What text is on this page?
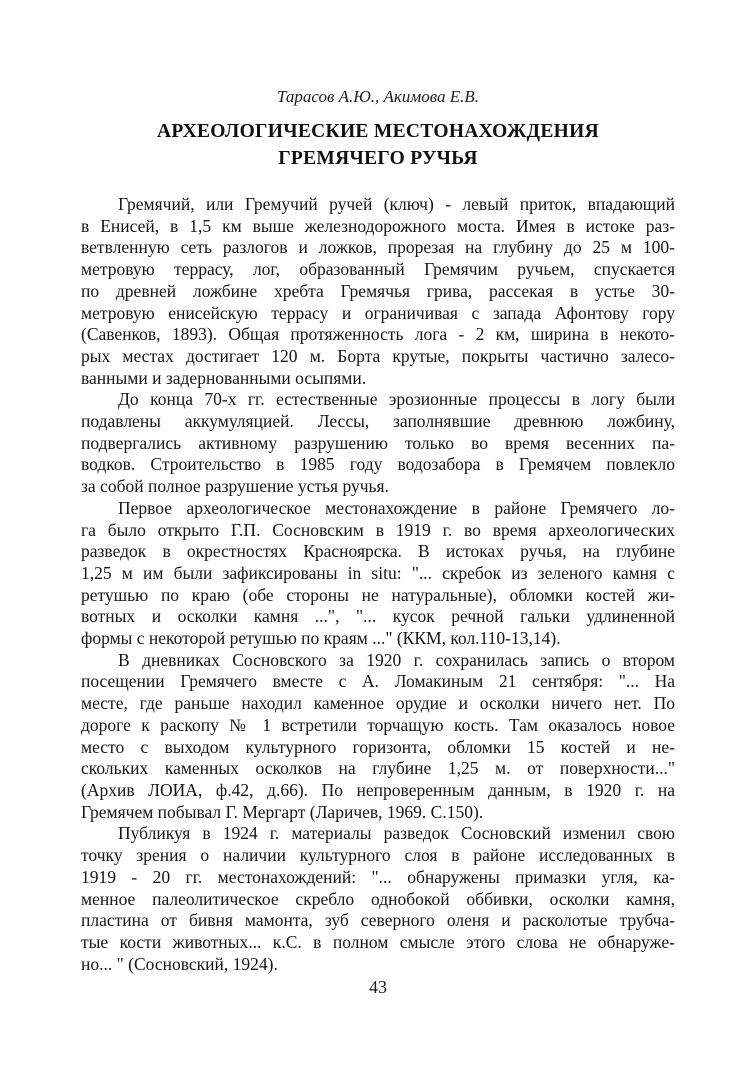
Тарасов А.Ю., Акимова Е.В.
АРХЕОЛОГИЧЕСКИЕ МЕСТОНАХОЖДЕНИЯ
ГРЕМЯЧЕГО РУЧЬЯ

Гремячий, или Гремучий ручей (ключ) - левый приток, впадающий
в Енисей, в 1,5 км выше железнодорожного моста. Имея в истоке раз-
ветвленную сеть разлогов и ложков, прорезая на глубину до 25 м 100-
метровую террасу, лог, образованный Гремячим ручьем, спускается
по древней ложбине хребта Гремячья грива, рассекая в устье 30-
метровую енисейскую террасу и ограничивая с запада Афонтову гору
(Савенков, 1893). Общая протяженность лога - 2 км, ширина в некото-
рых местах достигает 120 м. Борта крутые, покрыты частично залесо-
ванными и задернованными осыпями.

До конца 70-х гг. естественные эрозионные процессы в логу были
подавлены аккумуляцией. Лессы, заполнявшие древнюю ложбину,
подвергались активному разрушению только во время весенних па-
водков. Строительство в 1985 году водозабора в Гремячем повлекло
за собой полное разрушение устья ручья.

Первое археологическое местонахождение в районе Гремячего ло-
га было открыто Г.П. Сосновским в 1919 г. во время археологических
разведок в окрестностях Красноярска. В истоках ручья, на глубине
1,25 м им были зафиксированы in situ: "... скребок из зеленого камня с
ретушью по краю (обе стороны не натуральные), обломки костей жи-
вотных и осколки камня ...", "... кусок речной гальки удлиненной
формы с некоторой ретушью по краям ..." (ККМ, кол.110-13,14).

В дневниках Сосновского за 1920 г. сохранилась запись о втором
посещении Гремячего вместе с А. Ломакиным 21 сентября: "... На
месте, где раньше находил каменное орудие и осколки ничего нет. По
дороге к раскопу № 1 встретили торчащую кость. Там оказалось новое
место с выходом культурного горизонта, обломки 15 костей и не-
скольких каменных осколков на глубине 1,25 м. от поверхности..."
(Архив ЛОИА, ф.42, д.66). По непроверенным данным, в 1920 г. на
Гремячем побывал Г. Мергарт (Ларичев, 1969. С.150).

Публикуя в 1924 г. материалы разведок Сосновский изменил свою
точку зрения о наличии культурного слоя в районе исследованных в
1919 - 20 гг. местонахождений: "... обнаружены примазки угля, ка-
менное палеолитическое скребло однобокой оббивки, осколки камня,
пластина от бивня мамонта, зуб северного оленя и расколотые трубча-
тые кости животных... к.С. в полном смысле этого слова не обнаруже-
но... " (Сосновский, 1924).

43
